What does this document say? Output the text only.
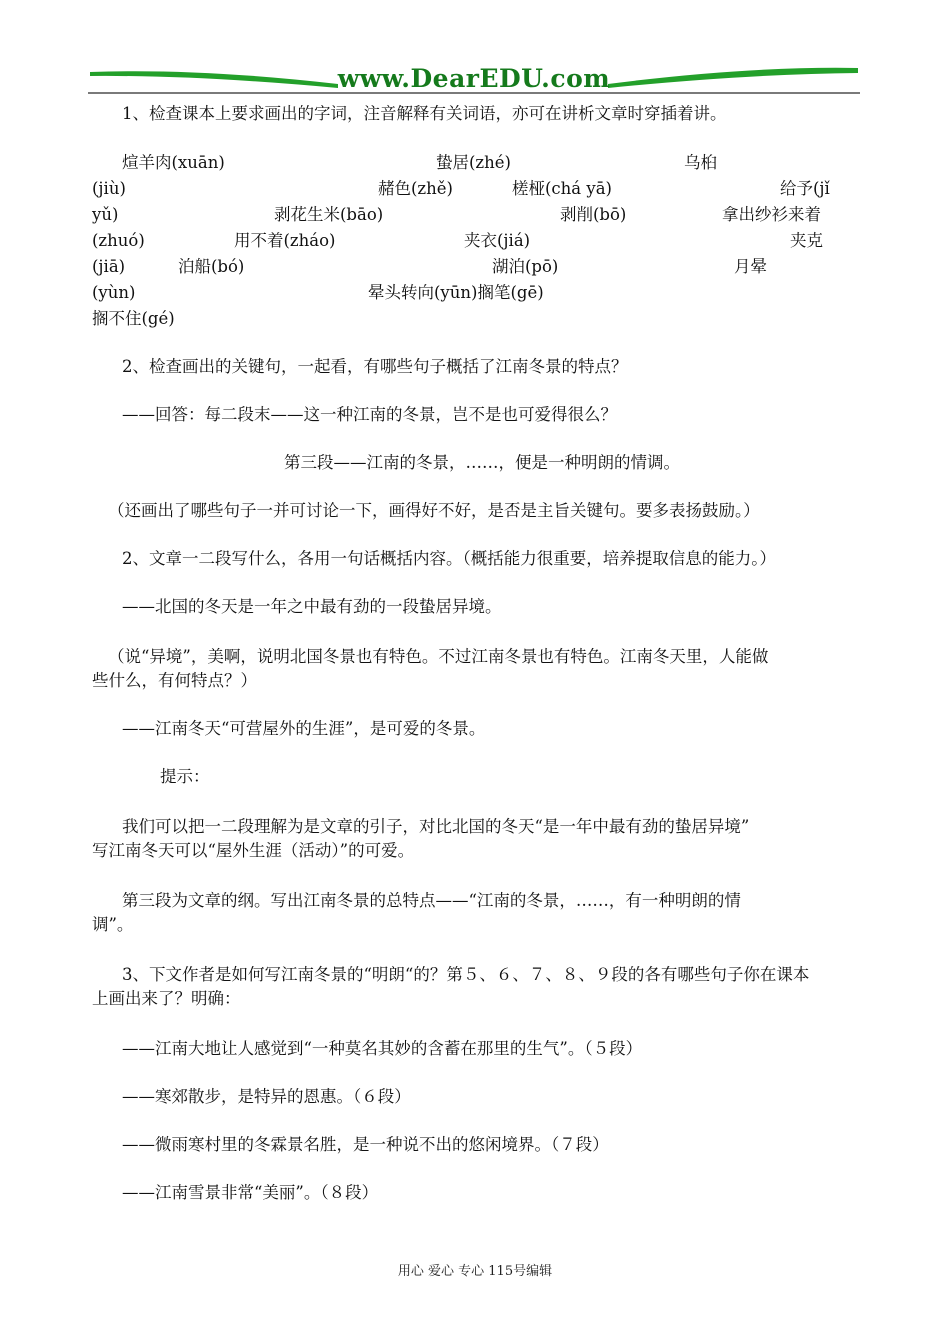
www.DearEDU.com
1、检查课本上要求画出的字词，注音解释有关词语，亦可在讲析文章时穿插着讲。
煊羊肉(xuān)	蛰居(zhé)	乌桕
(jiù)	赭色(zhě)	槎桠(chá yā)	给予(jǐ
yǔ)	剥花生米(bāo)	剥削(bō)	拿出纱衫来着
(zhuó)	用不着(zháo)	夹衣(jiá)	夹克
(jiā)	泊船(bó)	湖泊(pō)	月晕
(yùn)	晕头转向(yūn)搁笔(gē)
搁不住(gé)
2、检查画出的关键句，一起看，有哪些句子概括了江南冬景的特点？
——回答：每二段末——这一种江南的冬景，岂不是也可爱得很么？
第三段——江南的冬景，……，便是一种明朗的情调。
（还画出了哪些句子一并可讨论一下，画得好不好，是否是主旨关键句。要多表扬鼓励。）
2、文章一二段写什么，各用一句话概括内容。（概括能力很重要，培养提取信息的能力。）
——北国的冬天是一年之中最有劲的一段蛰居异境。
（说“异境”，美啊，说明北国冬景也有特色。不过江南冬景也有特色。江南冬天里，人能做
些什么，有何特点？）
——江南冬天“可营屋外的生涯”，是可爱的冬景。
提示：
我们可以把一二段理解为是文章的引子，对比北国的冬天“是一年中最有劲的蛰居异境”
写江南冬天可以“屋外生涯（活动）”的可爱。
第三段为文章的纲。写出江南冬景的总特点——“江南的冬景，……，有一种明朗的情
调”。
3、下文作者是如何写江南冬景的“明朗“的？第５、６、７、８、９段的各有哪些句子你在课本
上画出来了？明确：
——江南大地让人感觉到“一种莫名其妙的含蓄在那里的生气”。（５段）
——寒郊散步，是特异的恩惠。（６段）
——微雨寒村里的冬霖景名胜，是一种说不出的悠闲境界。（７段）
——江南雪景非常“美丽”。（８段）
用心 爱心 专心 115号编辑
